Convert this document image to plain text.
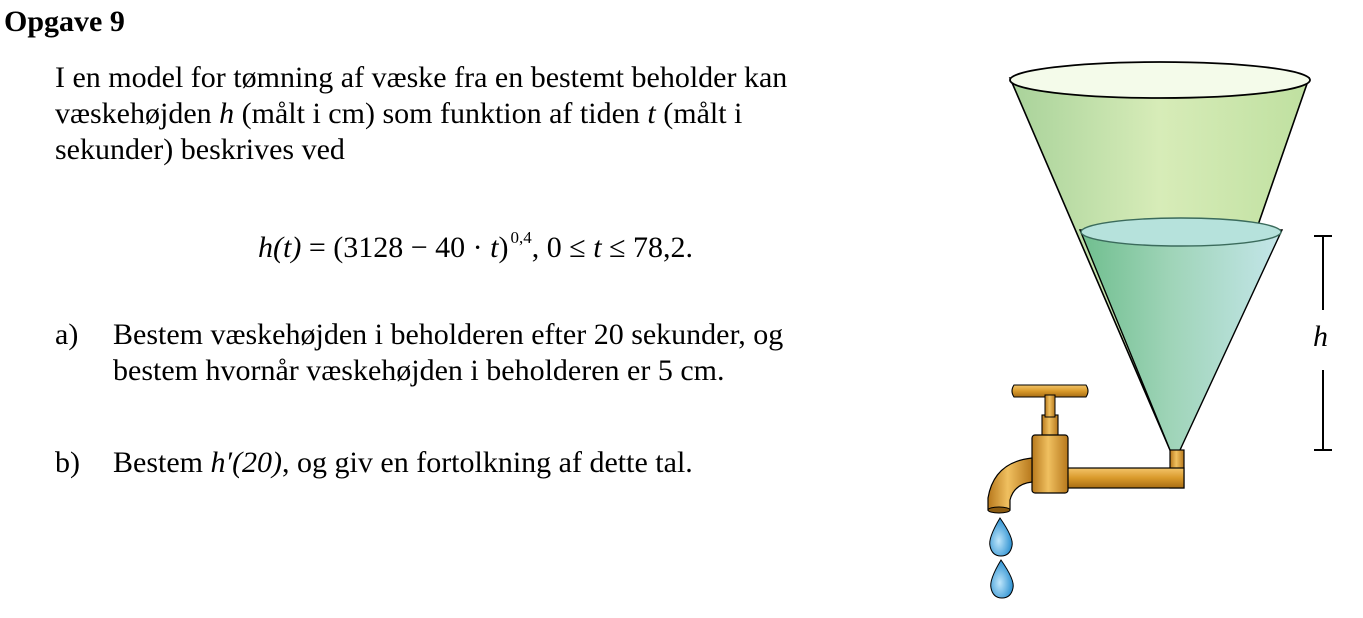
Opgave 9
I en model for tømning af væske fra en bestemt beholder kan
væskehøjden h (målt i cm) som funktion af tiden t (målt i
sekunder) beskrives ved
h(t) = (3128 − 40 · t) $^{0,4}$, 0 ≤ t ≤ 78,2.
a) Bestem væskehøjden i beholderen efter 20 sekunder, og
bestem hvornår væskehøjden i beholderen er 5 cm.
b) Bestem h′(20), og giv en fortolkning af dette tal.
h
